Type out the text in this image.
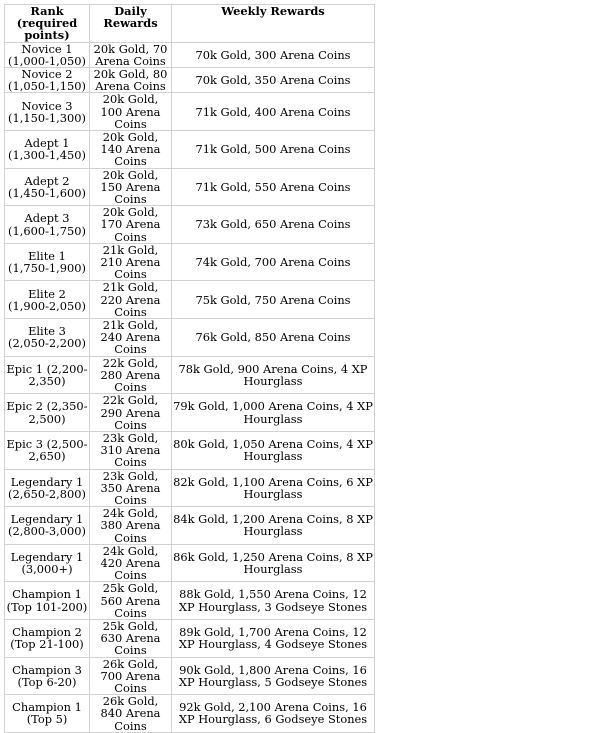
Rank (required points)	Daily Rewards	Weekly Rewards
Novice 1 (1,000-1,050)	20k Gold, 70 Arena Coins	70k Gold, 300 Arena Coins
Novice 2 (1,050-1,150)	20k Gold, 80 Arena Coins	70k Gold, 350 Arena Coins
Novice 3 (1,150-1,300)	20k Gold, 100 Arena Coins	71k Gold, 400 Arena Coins
Adept 1 (1,300-1,450)	20k Gold, 140 Arena Coins	71k Gold, 500 Arena Coins
Adept 2 (1,450-1,600)	20k Gold, 150 Arena Coins	71k Gold, 550 Arena Coins
Adept 3 (1,600-1,750)	20k Gold, 170 Arena Coins	73k Gold, 650 Arena Coins
Elite 1 (1,750-1,900)	21k Gold, 210 Arena Coins	74k Gold, 700 Arena Coins
Elite 2 (1,900-2,050)	21k Gold, 220 Arena Coins	75k Gold, 750 Arena Coins
Elite 3 (2,050-2,200)	21k Gold, 240 Arena Coins	76k Gold, 850 Arena Coins
Epic 1 (2,200-2,350)	22k Gold, 280 Arena Coins	78k Gold, 900 Arena Coins, 4 XP Hourglass
Epic 2 (2,350-2,500)	22k Gold, 290 Arena Coins	79k Gold, 1,000 Arena Coins, 4 XP Hourglass
Epic 3 (2,500-2,650)	23k Gold, 310 Arena Coins	80k Gold, 1,050 Arena Coins, 4 XP Hourglass
Legendary 1 (2,650-2,800)	23k Gold, 350 Arena Coins	82k Gold, 1,100 Arena Coins, 6 XP Hourglass
Legendary 1 (2,800-3,000)	24k Gold, 380 Arena Coins	84k Gold, 1,200 Arena Coins, 8 XP Hourglass
Legendary 1 (3,000+)	24k Gold, 420 Arena Coins	86k Gold, 1,250 Arena Coins, 8 XP Hourglass
Champion 1 (Top 101-200)	25k Gold, 560 Arena Coins	88k Gold, 1,550 Arena Coins, 12 XP Hourglass, 3 Godseye Stones
Champion 2 (Top 21-100)	25k Gold, 630 Arena Coins	89k Gold, 1,700 Arena Coins, 12 XP Hourglass, 4 Godseye Stones
Champion 3 (Top 6-20)	26k Gold, 700 Arena Coins	90k Gold, 1,800 Arena Coins, 16 XP Hourglass, 5 Godseye Stones
Champion 1 (Top 5)	26k Gold, 840 Arena Coins	92k Gold, 2,100 Arena Coins, 16 XP Hourglass, 6 Godseye Stones
